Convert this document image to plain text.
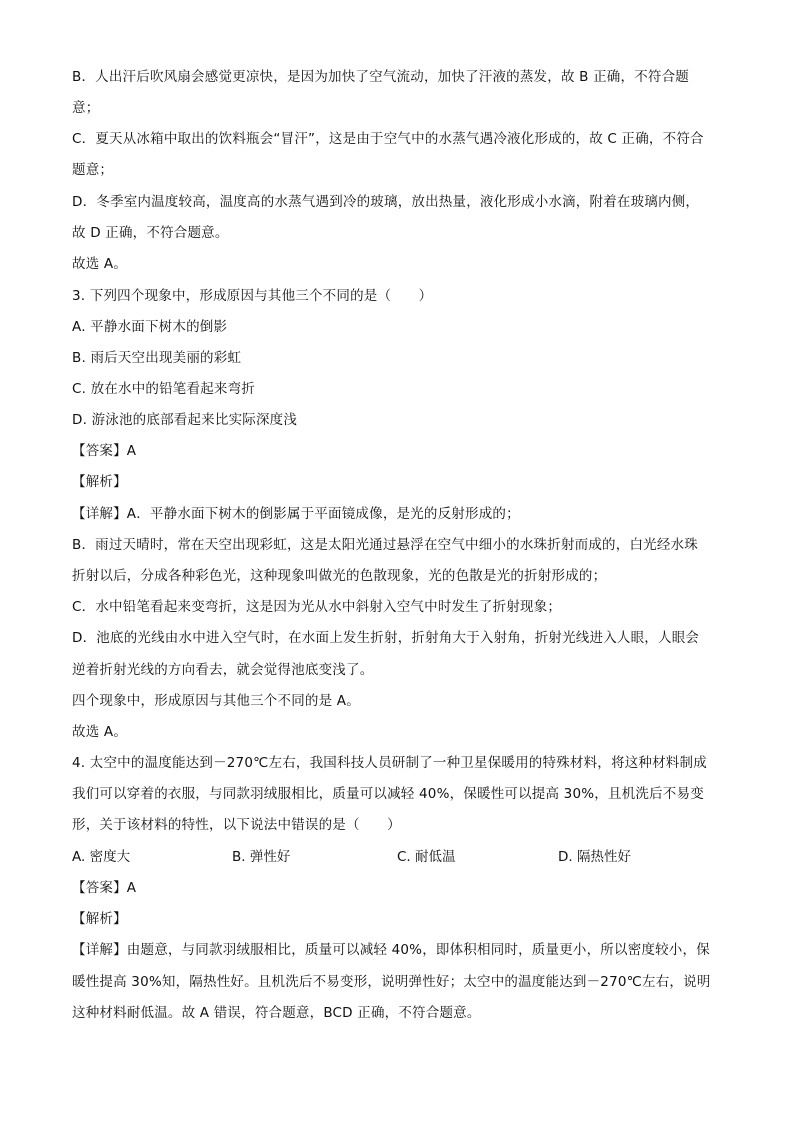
B．人出汗后吹风扇会感觉更凉快，是因为加快了空气流动，加快了汗液的蒸发，故 B 正确，不符合题
意；
C．夏天从冰箱中取出的饮料瓶会“冒汗”，这是由于空气中的水蒸气遇冷液化形成的，故 C 正确，不符合
题意；
D．冬季室内温度较高，温度高的水蒸气遇到冷的玻璃，放出热量，液化形成小水滴，附着在玻璃内侧，
故 D 正确，不符合题意。
故选 A。
3. 下列四个现象中，形成原因与其他三个不同的是（　　）
A. 平静水面下树木的倒影
B. 雨后天空出现美丽的彩虹
C. 放在水中的铅笔看起来弯折
D. 游泳池的底部看起来比实际深度浅
【答案】A
【解析】
【详解】A．平静水面下树木的倒影属于平面镜成像，是光的反射形成的；
B．雨过天晴时，常在天空出现彩虹，这是太阳光通过悬浮在空气中细小的水珠折射而成的，白光经水珠
折射以后，分成各种彩色光，这种现象叫做光的色散现象，光的色散是光的折射形成的；
C．水中铅笔看起来变弯折，这是因为光从水中斜射入空气中时发生了折射现象；
D．池底的光线由水中进入空气时，在水面上发生折射，折射角大于入射角，折射光线进入人眼，人眼会
逆着折射光线的方向看去，就会觉得池底变浅了。
四个现象中，形成原因与其他三个不同的是 A。
故选 A。
4. 太空中的温度能达到－270℃左右，我国科技人员研制了一种卫星保暖用的特殊材料，将这种材料制成
我们可以穿着的衣服，与同款羽绒服相比，质量可以减轻 40%，保暖性可以提高 30%，且机洗后不易变
形，关于该材料的特性，以下说法中错误的是（　　）
【答案】A
【解析】
【详解】由题意，与同款羽绒服相比，质量可以减轻 40%，即体积相同时，质量更小，所以密度较小，保
暖性提高 30%知，隔热性好。且机洗后不易变形，说明弹性好；太空中的温度能达到－270℃左右，说明
这种材料耐低温。故 A 错误，符合题意，BCD 正确，不符合题意。
A. 密度大	B. 弹性好	C. 耐低温	D. 隔热性好
